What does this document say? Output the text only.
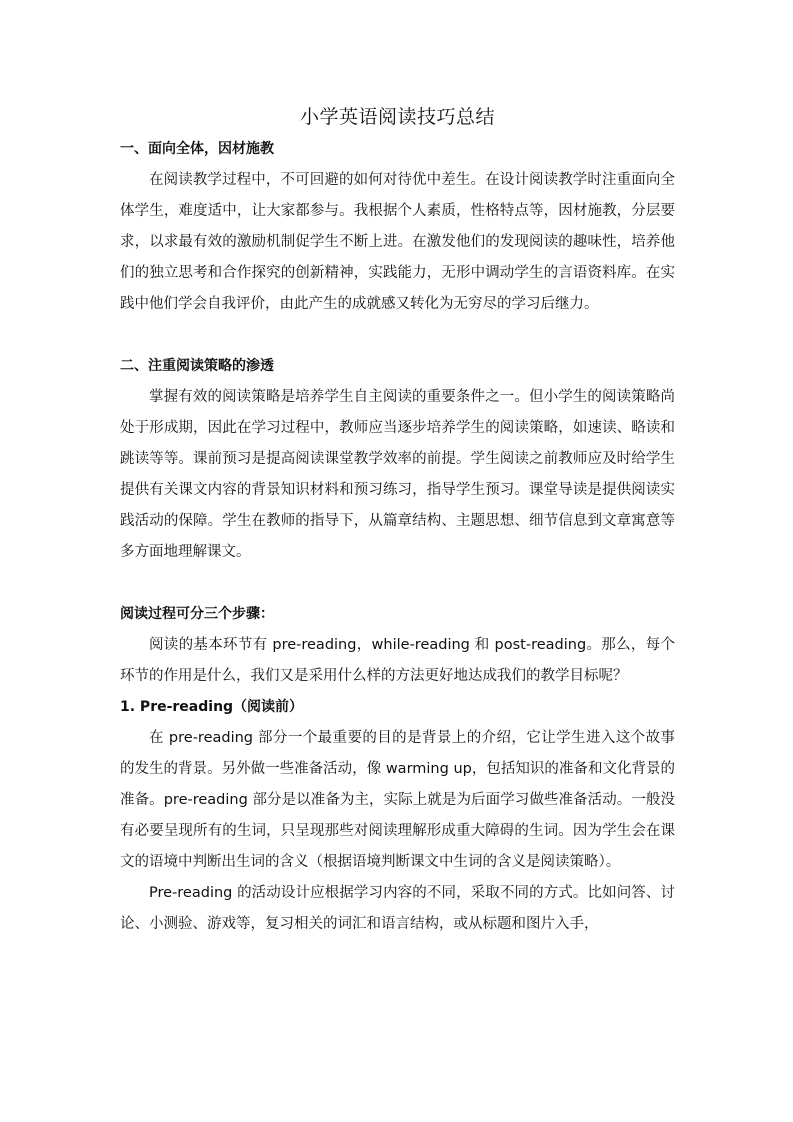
小学英语阅读技巧总结

一、面向全体，因材施教

在阅读教学过程中，不可回避的如何对待优中差生。在设计阅读教学时注重面向全体学生，难度适中，让大家都参与。我根据个人素质，性格特点等，因材施教，分层要求，以求最有效的激励机制促学生不断上进。在激发他们的发现阅读的趣味性，培养他们的独立思考和合作探究的创新精神，实践能力，无形中调动学生的言语资料库。在实践中他们学会自我评价，由此产生的成就感又转化为无穷尽的学习后继力。

二、注重阅读策略的渗透

掌握有效的阅读策略是培养学生自主阅读的重要条件之一。但小学生的阅读策略尚处于形成期，因此在学习过程中，教师应当逐步培养学生的阅读策略，如速读、略读和跳读等等。课前预习是提高阅读课堂教学效率的前提。学生阅读之前教师应及时给学生提供有关课文内容的背景知识材料和预习练习，指导学生预习。课堂导读是提供阅读实践活动的保障。学生在教师的指导下，从篇章结构、主题思想、细节信息到文章寓意等多方面地理解课文。

阅读过程可分三个步骤：

阅读的基本环节有 pre-reading，while-reading 和 post-reading。那么，每个环节的作用是什么，我们又是采用什么样的方法更好地达成我们的教学目标呢？

1. Pre-reading（阅读前）

在 pre-reading 部分一个最重要的目的是背景上的介绍，它让学生进入这个故事的发生的背景。另外做一些准备活动，像 warming up，包括知识的准备和文化背景的准备。pre-reading 部分是以准备为主，实际上就是为后面学习做些准备活动。一般没有必要呈现所有的生词，只呈现那些对阅读理解形成重大障碍的生词。因为学生会在课文的语境中判断出生词的含义（根据语境判断课文中生词的含义是阅读策略）。

Pre-reading 的活动设计应根据学习内容的不同，采取不同的方式。比如问答、讨论、小测验、游戏等，复习相关的词汇和语言结构，或从标题和图片入手，
